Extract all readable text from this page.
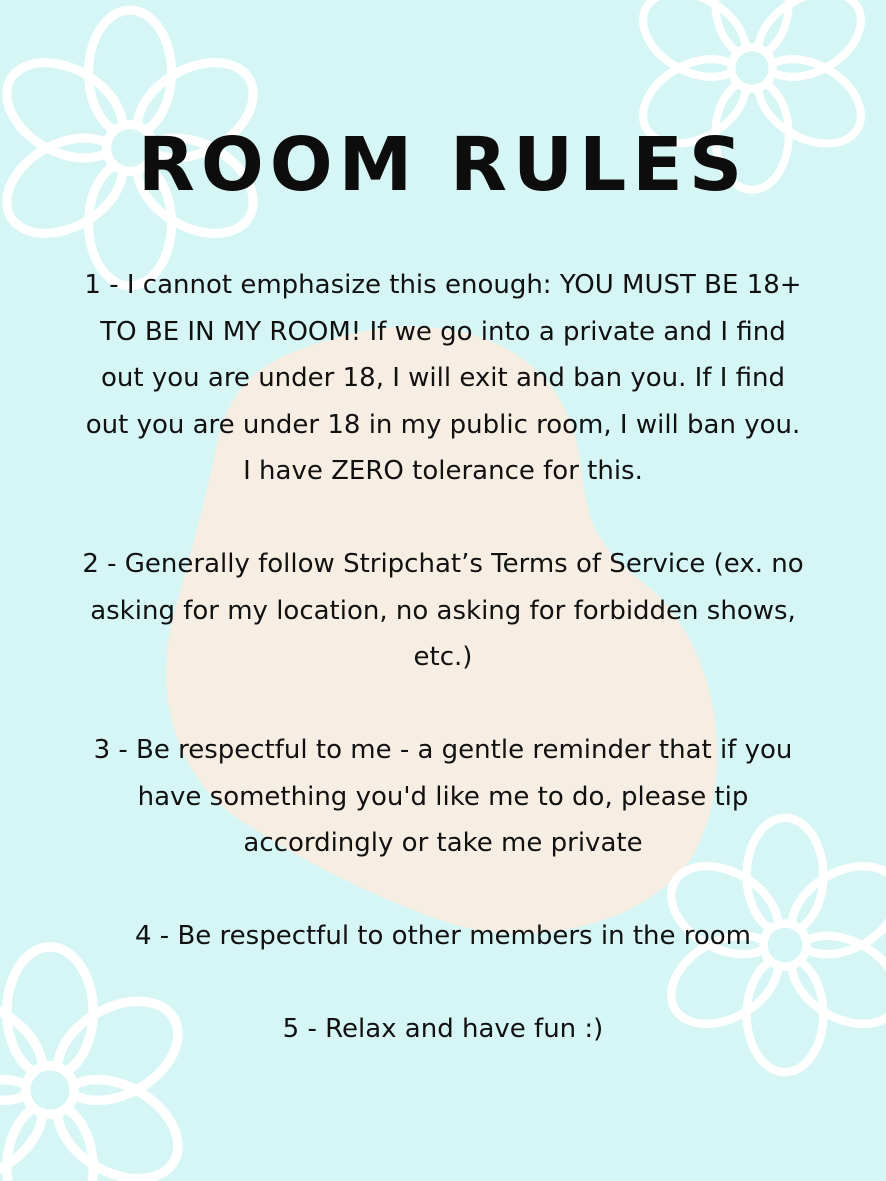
ROOM RULES

1 - I cannot emphasize this enough: YOU MUST BE 18+ TO BE IN MY ROOM! If we go into a private and I find out you are under 18, I will exit and ban you. If I find out you are under 18 in my public room, I will ban you. I have ZERO tolerance for this.

2 - Generally follow Stripchat’s Terms of Service (ex. no asking for my location, no asking for forbidden shows, etc.)

3 - Be respectful to me - a gentle reminder that if you have something you'd like me to do, please tip accordingly or take me private

4 - Be respectful to other members in the room

5 - Relax and have fun :)
